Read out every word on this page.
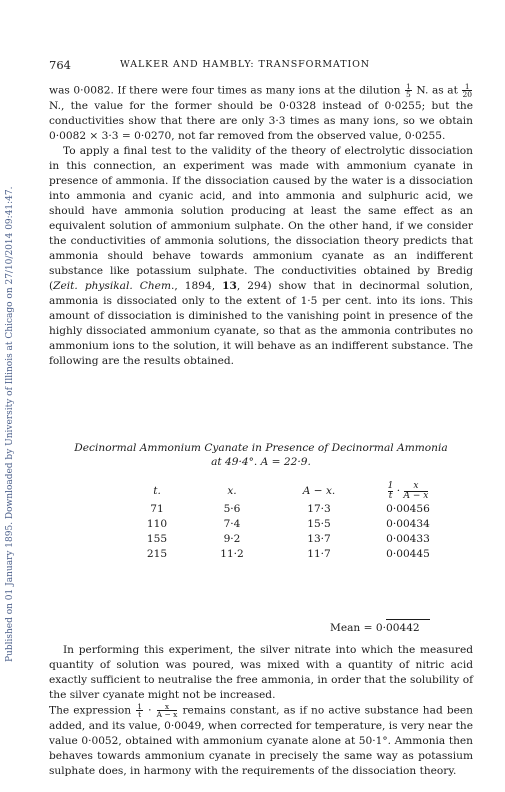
Published on 01 January 1895. Downloaded by University of Illinois at Chicago on 27/10/2014 09:41:47.
764	WALKER AND HAMBLY: TRANSFORMATION

was 0·0082. If there were four times as many ions at the dilution $\frac{1}{5} N$. as at $\frac{1}{20}$
N., the value for the former should be 0·0328 instead of 0·0255; but the conductivities show that there are only 3·3 times as many ions, so we obtain 0·0082 × 3·3 = 0·0270, not far removed from the observed value, 0·0255.

To apply a final test to the validity of the theory of electrolytic dissociation in this connection, an experiment was made with ammonium cyanate in presence of ammonia. If the dissociation caused by the water is a dissociation into ammonia and cyanic acid, and into ammonia and sulphuric acid, we should have ammonia solution producing at least the same effect as an equivalent solution of ammonium sulphate. On the other hand, if we consider the conductivities of ammonia solutions, the dissociation theory predicts that ammonia should behave towards ammonium cyanate as an indifferent substance like potassium sulphate. The conductivities obtained by Bredig (Zeit. physikal. Chem., 1894, 13, 294) show that in decinormal solution, ammonia is dissociated only to the extent of 1·5 per cent. into its ions. This amount of dissociation is diminished to the vanishing point in presence of the highly dissociated ammonium cyanate, so that as the ammonia contributes no ammonium ions to the solution, it will behave as an indifferent substance. The following are the results obtained.

Decinormal Ammonium Cyanate in Presence of Decinormal Ammonia
at 49·4°. A = 22·9.
t.	x.	A − x.	$\frac{1}{t} \cdot \frac{x}{A - x}$
71	5·6	17·3	0·00456
110	7·4	15·5	0·00434
155	9·2	13·7	0·00433
215	11·2	11·7	0·00445
Mean = 0·00442

In performing this experiment, the silver nitrate into which the measured quantity of solution was poured, was mixed with a quantity of nitric acid exactly sufficient to neutralise the free ammonia, in order that the solubility of the silver cyanate might not be increased.

The expression $\frac{1}{t} \cdot \frac{x}{A - x}$ remains constant, as if no active substance had been added, and its value, 0·0049, when corrected for temperature, is very near the value 0·0052, obtained with ammonium cyanate alone at 50·1°. Ammonia then behaves towards ammonium cyanate in precisely the same way as potassium sulphate does, in harmony with the requirements of the dissociation theory.
